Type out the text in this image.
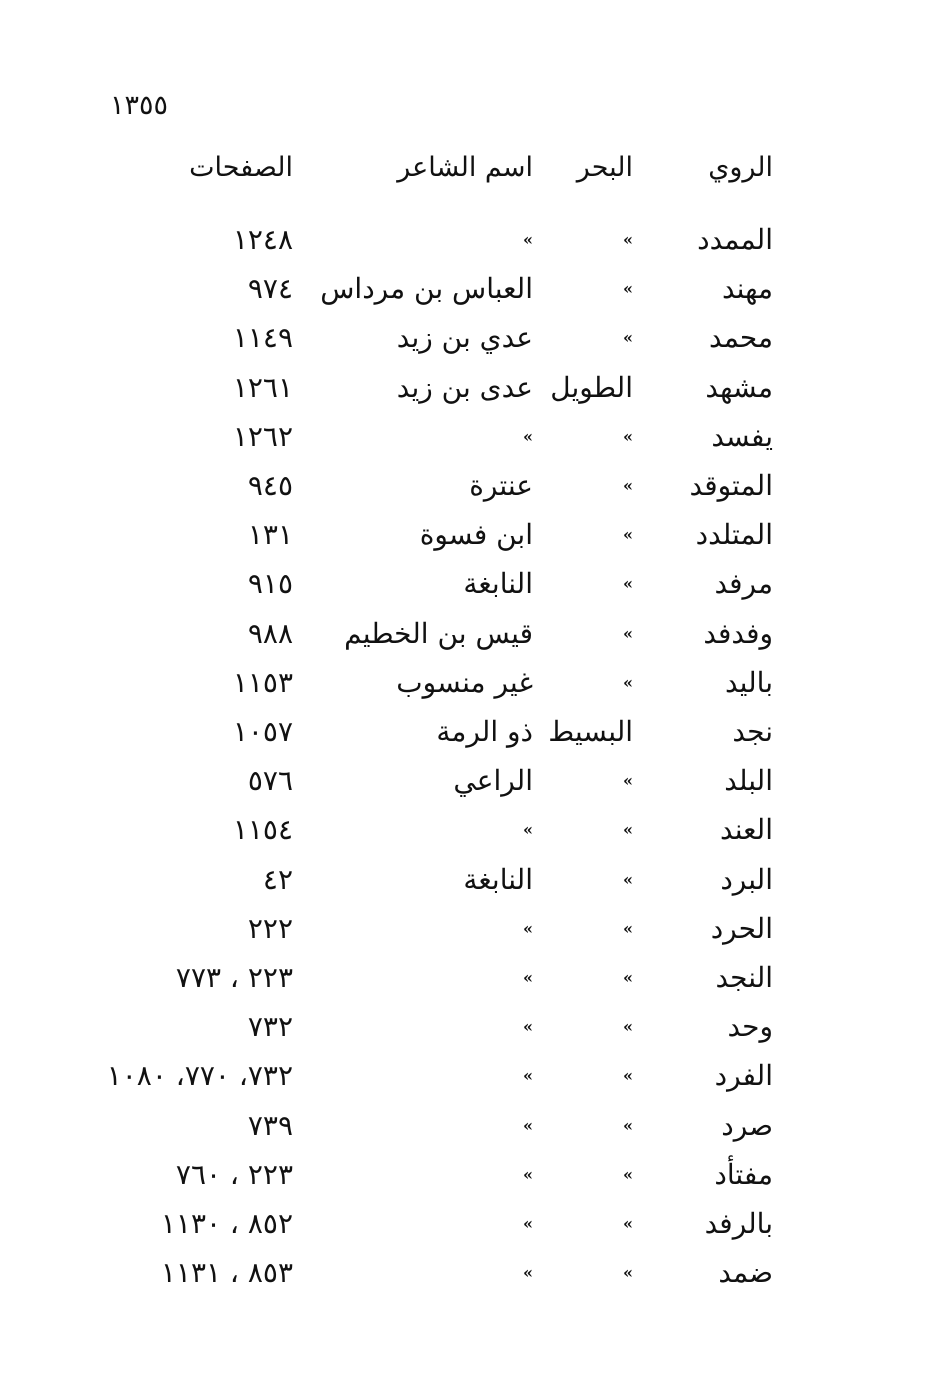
١٣٥٥
الروي
البحر
اسم الشاعر
الصفحات
الممدد
»
»
١٢٤٨
مهند
»
العباس بن مرداس
٩٧٤
محمد
»
عدي بن زيد
١١٤٩
مشهد
الطويل
عدى بن زيد
١٢٦١
يفسد
»
»
١٢٦٢
المتوقد
»
عنترة
٩٤٥
المتلدد
»
ابن فسوة
١٣١
مرفد
»
النابغة
٩١٥
وفدفد
»
قيس بن الخطيم
٩٨٨
باليد
»
غير منسوب
١١٥٣
نجد
البسيط
ذو الرمة
١٠٥٧
البلد
»
الراعي
٥٧٦
العند
»
»
١١٥٤
البرد
»
النابغة
٤٢
الحرد
»
»
٢٢٢
النجد
»
»
٢٢٣ ، ٧٧٣
وحد
»
»
٧٣٢
الفرد
»
»
٧٣٢، ٧٧٠، ١٠٨٠
صرد
»
»
٧٣٩
مفتأد
»
»
٢٢٣ ، ٧٦٠
بالرفد
»
»
٨٥٢ ، ١١٣٠
ضمد
»
»
٨٥٣ ، ١١٣١
